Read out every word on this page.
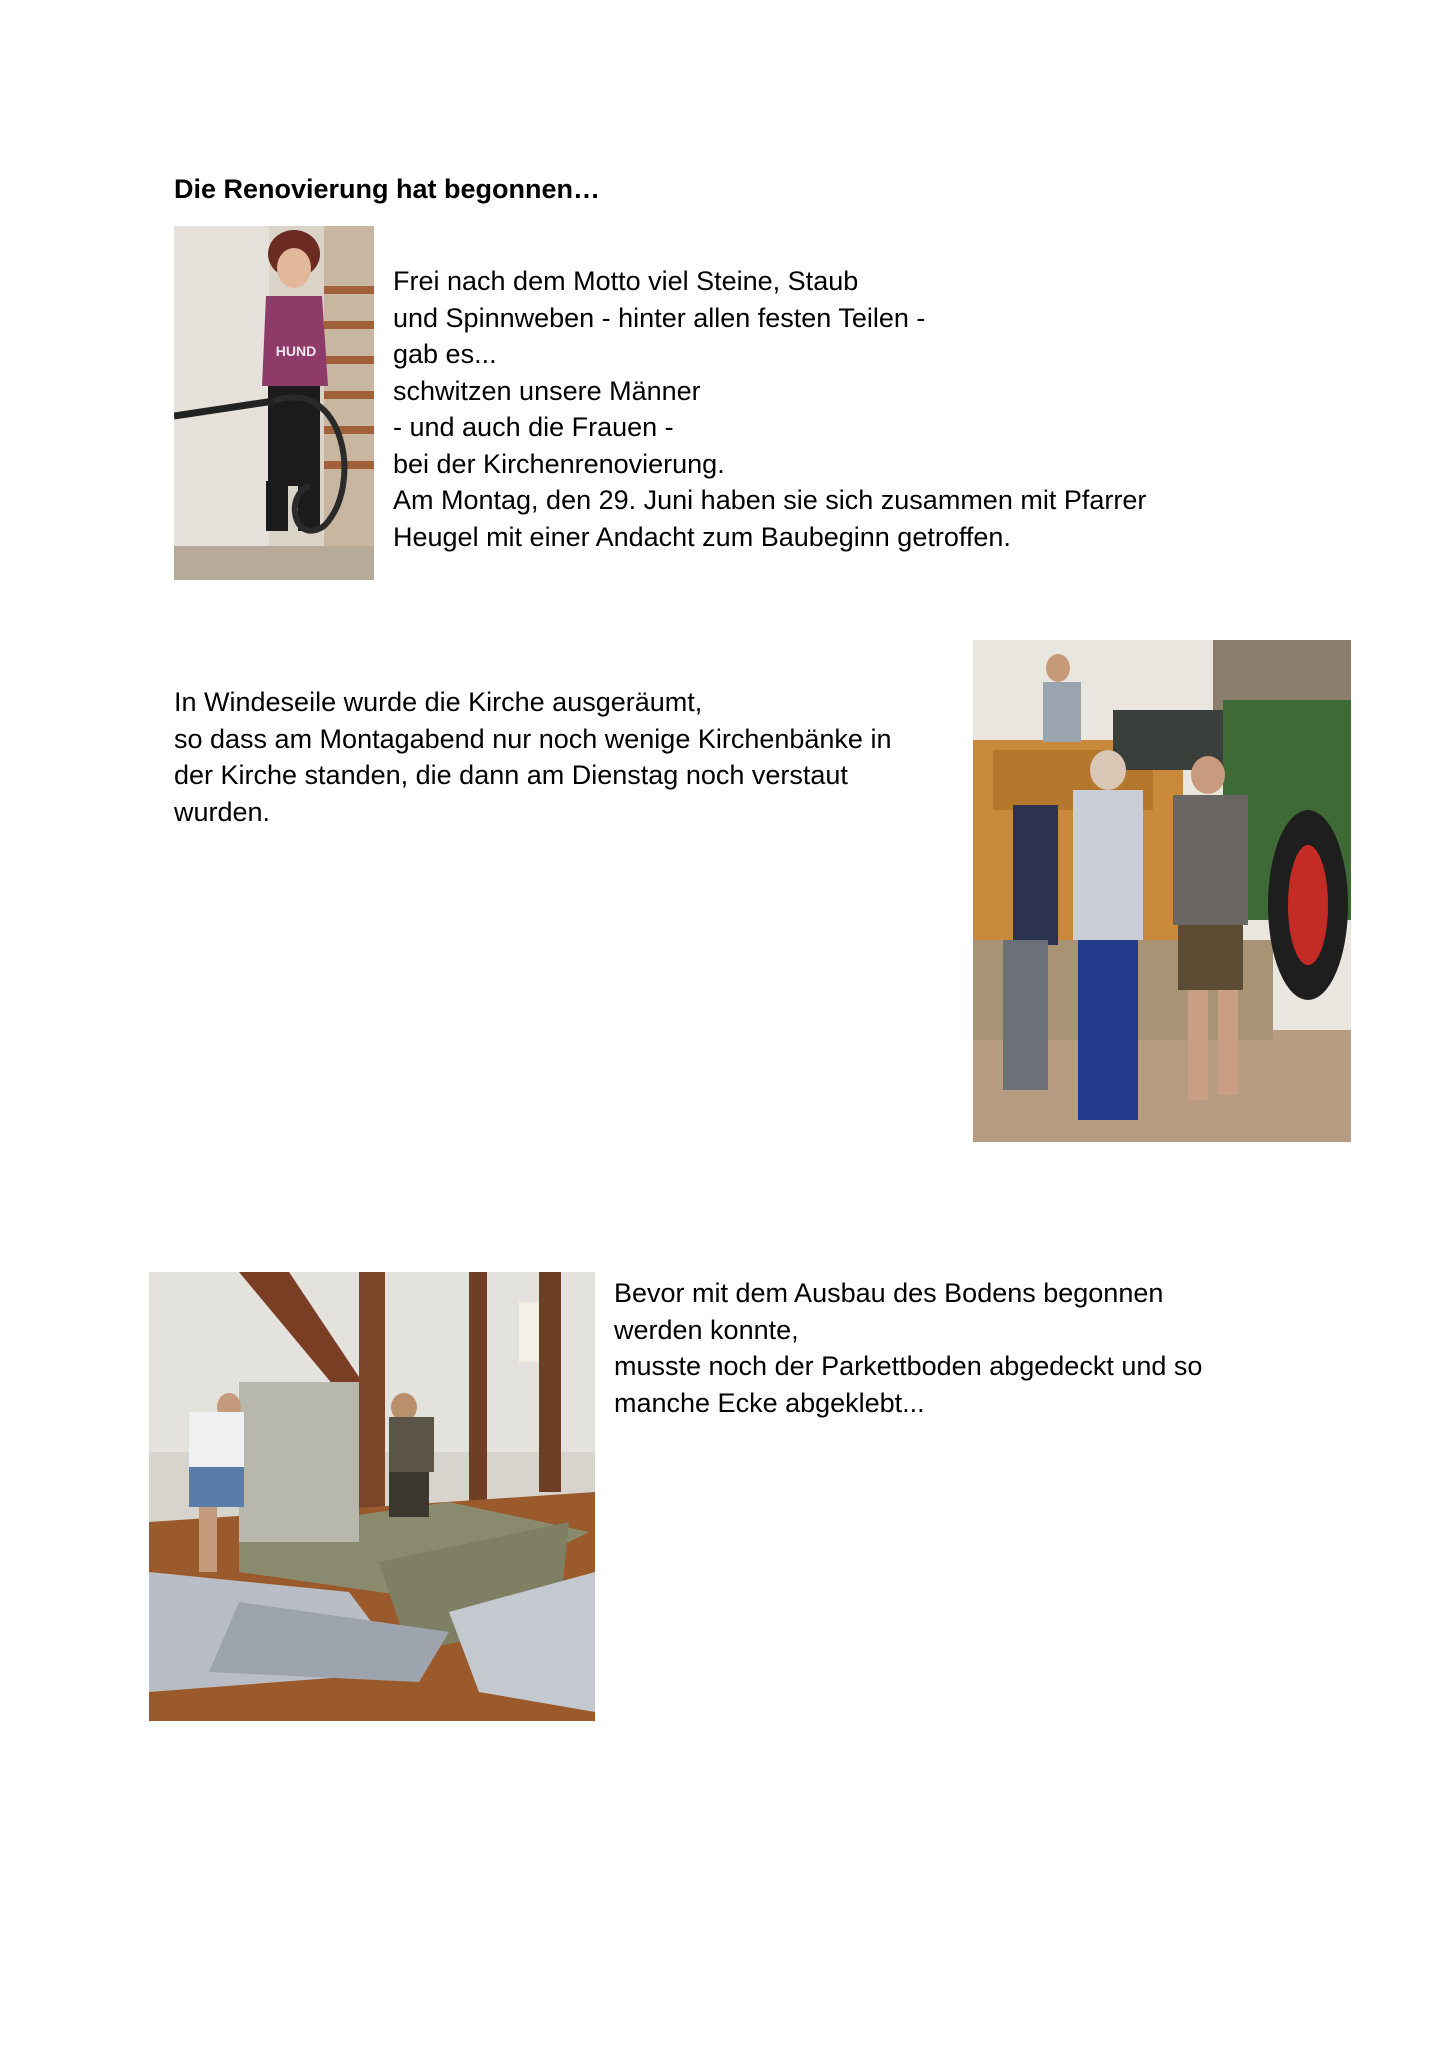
Die Renovierung hat begonnen…
HUND
Frei nach dem Motto viel Steine, Staub
und Spinnweben - hinter allen festen Teilen -
gab es...
schwitzen unsere Männer
- und auch die Frauen -
bei der Kirchenrenovierung.
Am Montag, den 29. Juni haben sie sich zusammen mit Pfarrer
Heugel mit einer Andacht zum Baubeginn getroffen.
In Windeseile wurde die Kirche ausgeräumt,
so dass am Montagabend nur noch wenige Kirchenbänke in
der Kirche standen, die dann am Dienstag noch verstaut
wurden.
Bevor mit dem Ausbau des Bodens begonnen
werden konnte,
musste noch der Parkettboden abgedeckt und so
manche Ecke abgeklebt...
